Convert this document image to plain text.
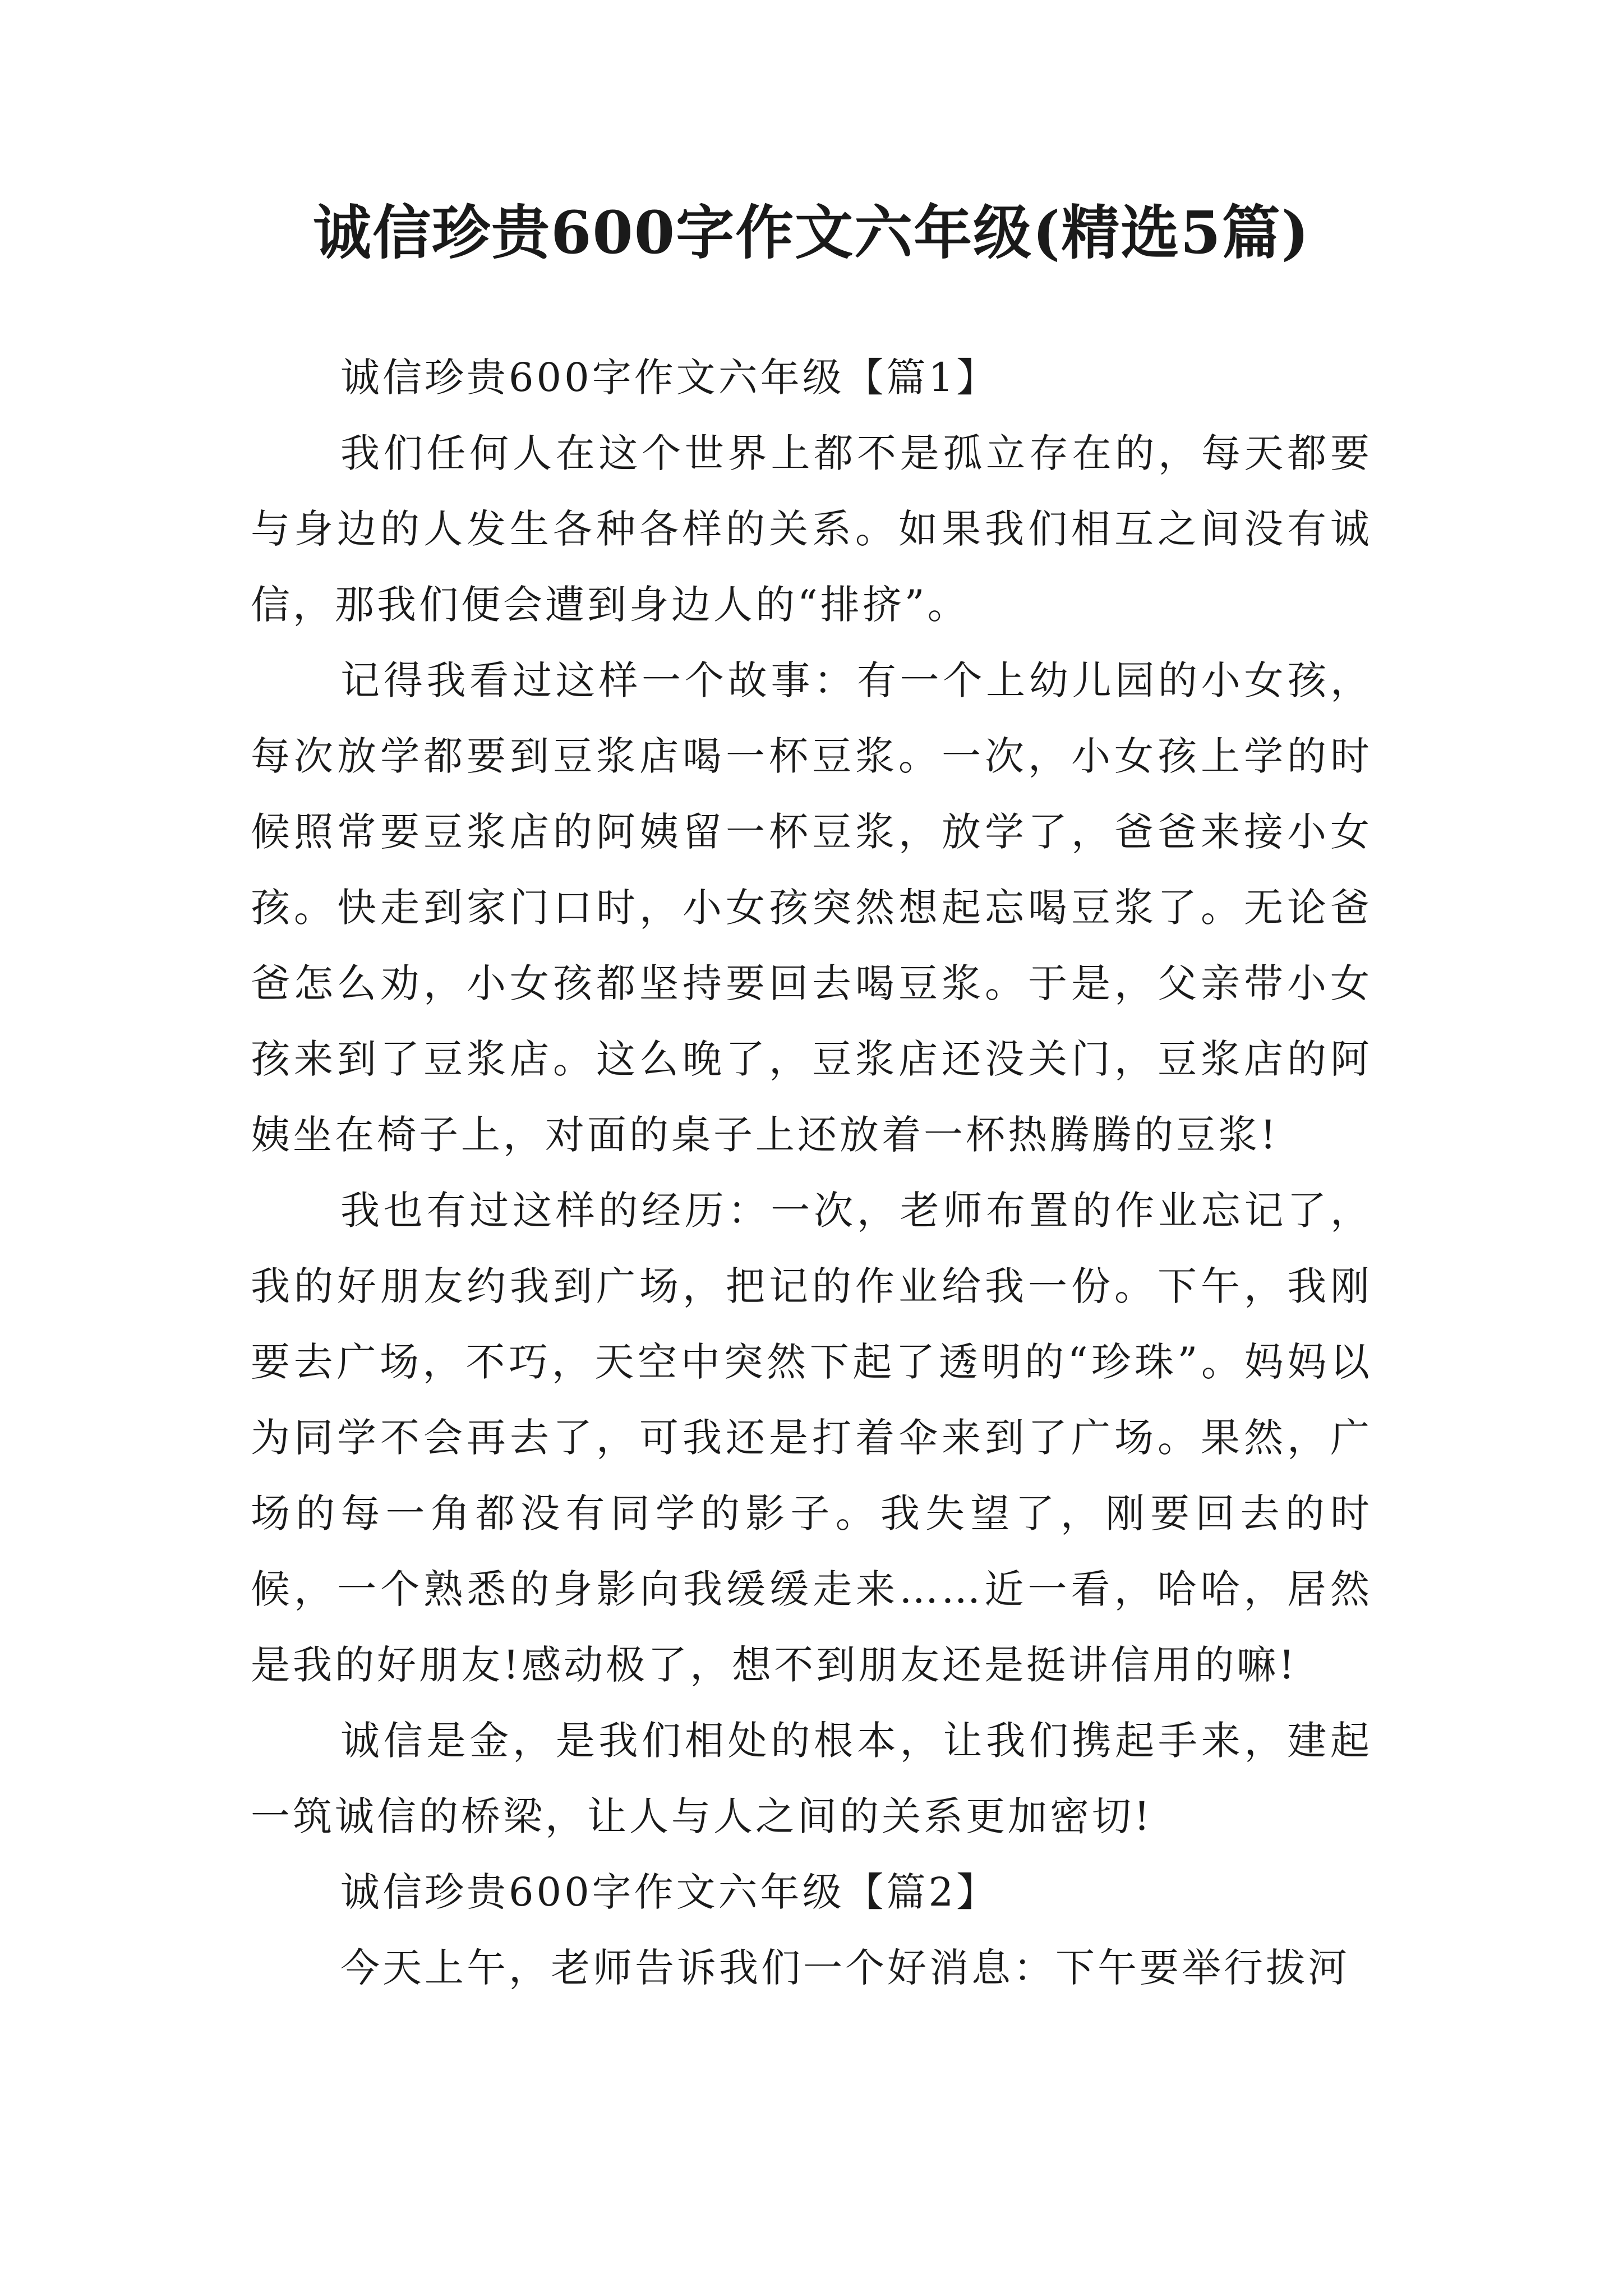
诚信珍贵600字作文六年级(精选5篇)

诚信珍贵600字作文六年级【篇1】

我们任何人在这个世界上都不是孤立存在的，每天都要与身边的人发生各种各样的关系。如果我们相互之间没有诚信，那我们便会遭到身边人的“排挤”。

记得我看过这样一个故事：有一个上幼儿园的小女孩，每次放学都要到豆浆店喝一杯豆浆。一次，小女孩上学的时候照常要豆浆店的阿姨留一杯豆浆，放学了，爸爸来接小女孩。快走到家门口时，小女孩突然想起忘喝豆浆了。无论爸爸怎么劝，小女孩都坚持要回去喝豆浆。于是，父亲带小女孩来到了豆浆店。这么晚了，豆浆店还没关门，豆浆店的阿姨坐在椅子上，对面的桌子上还放着一杯热腾腾的豆浆!

我也有过这样的经历：一次，老师布置的作业忘记了，我的好朋友约我到广场，把记的作业给我一份。下午，我刚要去广场，不巧，天空中突然下起了透明的“珍珠”。妈妈以为同学不会再去了，可我还是打着伞来到了广场。果然，广场的每一角都没有同学的影子。我失望了，刚要回去的时候，一个熟悉的身影向我缓缓走来……近一看，哈哈，居然是我的好朋友!感动极了，想不到朋友还是挺讲信用的嘛!

诚信是金，是我们相处的根本，让我们携起手来，建起一筑诚信的桥梁，让人与人之间的关系更加密切!

诚信珍贵600字作文六年级【篇2】

今天上午，老师告诉我们一个好消息：下午要举行拔河
